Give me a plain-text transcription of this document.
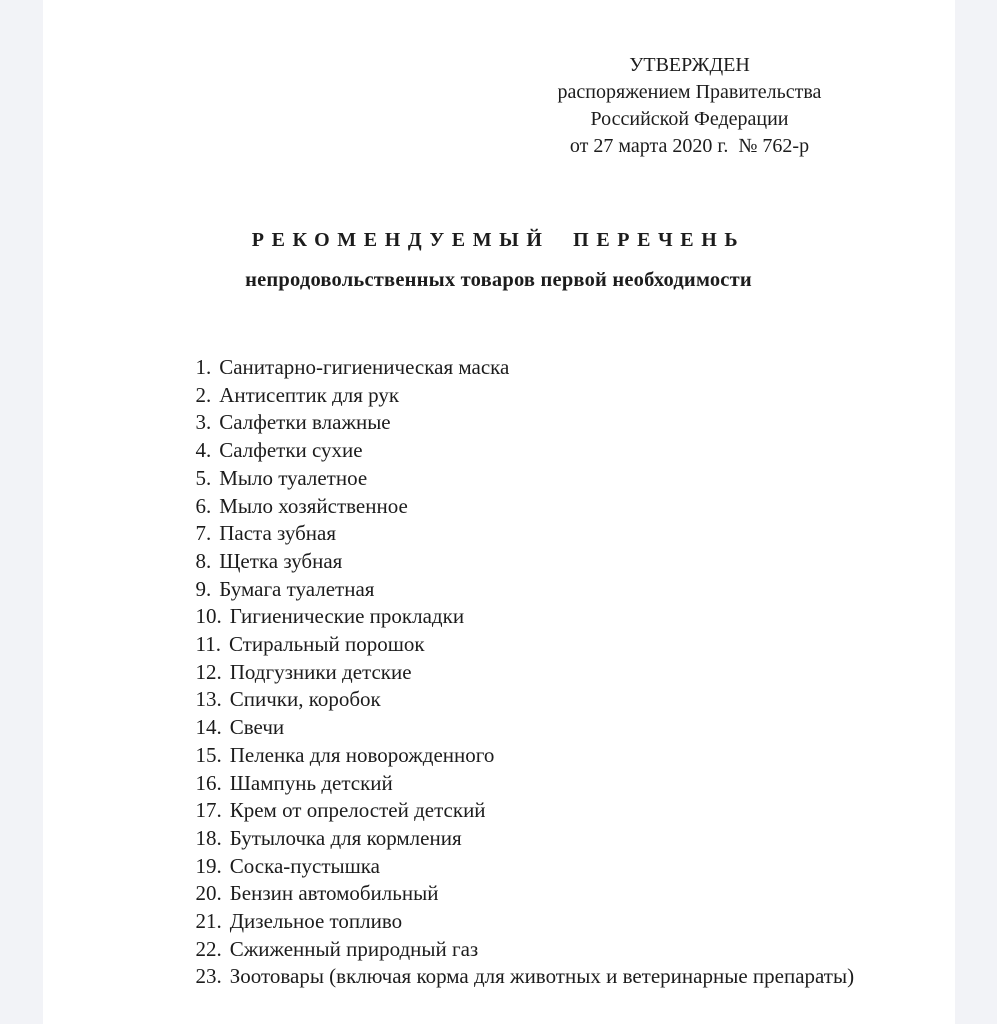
УТВЕРЖДЕН
распоряжением Правительства
Российской Федерации
от 27 марта 2020 г.  № 762-р
РЕКОМЕНДУЕМЫЙ ПЕРЕЧЕНЬ
непродовольственных товаров первой необходимости
1. Санитарно-гигиеническая маска
2. Антисептик для рук
3. Салфетки влажные
4. Салфетки сухие
5. Мыло туалетное
6. Мыло хозяйственное
7. Паста зубная
8. Щетка зубная
9. Бумага туалетная
10. Гигиенические прокладки
11. Стиральный порошок
12. Подгузники детские
13. Спички, коробок
14. Свечи
15. Пеленка для новорожденного
16. Шампунь детский
17. Крем от опрелостей детский
18. Бутылочка для кормления
19. Соска-пустышка
20. Бензин автомобильный
21. Дизельное топливо
22. Сжиженный природный газ
23. Зоотовары (включая корма для животных и ветеринарные препараты)
